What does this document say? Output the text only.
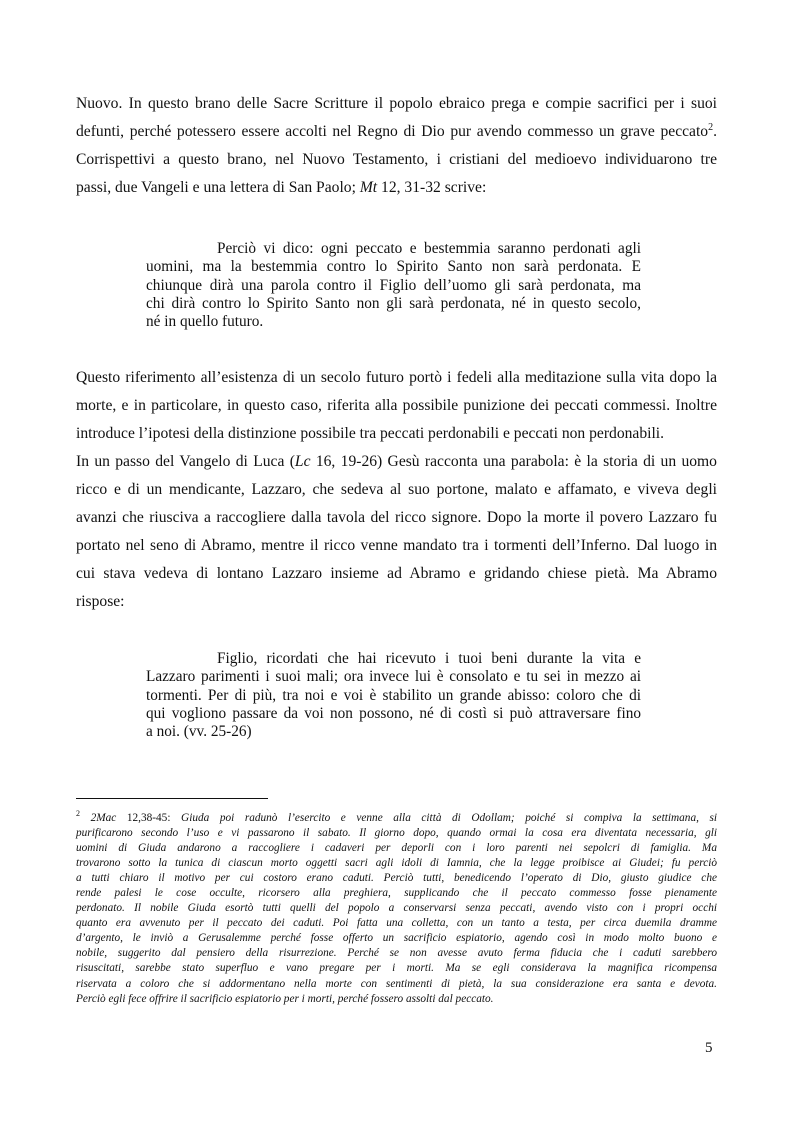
Nuovo. In questo brano delle Sacre Scritture il popolo ebraico prega e compie sacrifici per i suoi
defunti, perché potessero essere accolti nel Regno di Dio pur avendo commesso un grave peccato$^2$.
Corrispettivi a questo brano, nel Nuovo Testamento, i cristiani del medioevo individuarono tre
passi, due Vangeli e una lettera di San Paolo; Mt 12, 31-32 scrive:
Perciò vi dico: ogni peccato e bestemmia saranno perdonati agli
uomini, ma la bestemmia contro lo Spirito Santo non sarà perdonata. E
chiunque dirà una parola contro il Figlio dell’uomo gli sarà perdonata, ma
chi dirà contro lo Spirito Santo non gli sarà perdonata, né in questo secolo,
né in quello futuro.
Questo riferimento all’esistenza di un secolo futuro portò i fedeli alla meditazione sulla vita dopo la
morte, e in particolare, in questo caso, riferita alla possibile punizione dei peccati commessi. Inoltre
introduce l’ipotesi della distinzione possibile tra peccati perdonabili e peccati non perdonabili.
In un passo del Vangelo di Luca (Lc 16, 19-26) Gesù racconta una parabola: è la storia di un uomo
ricco e di un mendicante, Lazzaro, che sedeva al suo portone, malato e affamato, e viveva degli
avanzi che riusciva a raccogliere dalla tavola del ricco signore. Dopo la morte il povero Lazzaro fu
portato nel seno di Abramo, mentre il ricco venne mandato tra i tormenti dell’Inferno. Dal luogo in
cui stava vedeva di lontano Lazzaro insieme ad Abramo e gridando chiese pietà. Ma Abramo
rispose:
Figlio, ricordati che hai ricevuto i tuoi beni durante la vita e
Lazzaro parimenti i suoi mali; ora invece lui è consolato e tu sei in mezzo ai
tormenti. Per di più, tra noi e voi è stabilito un grande abisso: coloro che di
qui vogliono passare da voi non possono, né di costì si può attraversare fino
a noi. (vv. 25-26)
$^2$ 2Mac 12,38-45: Giuda poi radunò l’esercito e venne alla città di Odollam; poiché si compiva la settimana, si
purificarono secondo l’uso e vi passarono il sabato. Il giorno dopo, quando ormai la cosa era diventata necessaria, gli
uomini di Giuda andarono a raccogliere i cadaveri per deporli con i loro parenti nei sepolcri di famiglia. Ma
trovarono sotto la tunica di ciascun morto oggetti sacri agli idoli di Iamnia, che la legge proibisce ai Giudei; fu perciò
a tutti chiaro il motivo per cui costoro erano caduti. Perciò tutti, benedicendo l’operato di Dio, giusto giudice che
rende palesi le cose occulte, ricorsero alla preghiera, supplicando che il peccato commesso fosse pienamente
perdonato. Il nobile Giuda esortò tutti quelli del popolo a conservarsi senza peccati, avendo visto con i propri occhi
quanto era avvenuto per il peccato dei caduti. Poi fatta una colletta, con un tanto a testa, per circa duemila dramme
d’argento, le inviò a Gerusalemme perché fosse offerto un sacrificio espiatorio, agendo così in modo molto buono e
nobile, suggerito dal pensiero della risurrezione. Perché se non avesse avuto ferma fiducia che i caduti sarebbero
risuscitati, sarebbe stato superfluo e vano pregare per i morti. Ma se egli considerava la magnifica ricompensa
riservata a coloro che si addormentano nella morte con sentimenti di pietà, la sua considerazione era santa e devota.
Perciò egli fece offrire il sacrificio espiatorio per i morti, perché fossero assolti dal peccato.
5
